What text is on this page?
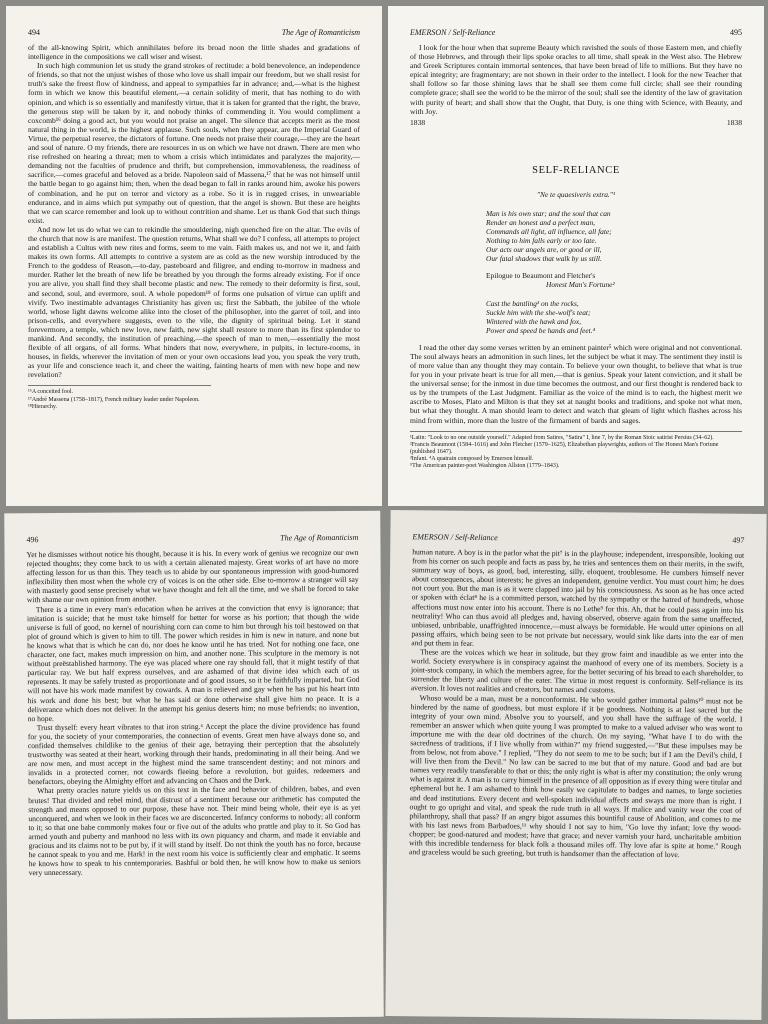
494	The Age of Romanticism

of the all-knowing Spirit, which annihilates before its broad noon the little shades and gradations of intelligence in the compositions we call wiser and wisest.

In such high communion let us study the grand strokes of rectitude: a bold benevolence, an independence of friends, so that not the unjust wishes of those who love us shall impair our freedom, but we shall resist for truth's sake the freest flow of kindness, and appeal to sympathies far in advance; and,—what is the highest form in which we know this beautiful element,—a certain solidity of merit, that has nothing to do with opinion, and which is so essentially and manifestly virtue, that it is taken for granted that the right, the brave, the generous step will be taken by it, and nobody thinks of commending it. You would compliment a coxcomb¹⁶ doing a good act, but you would not praise an angel. The silence that accepts merit as the most natural thing in the world, is the highest applause. Such souls, when they appear, are the Imperial Guard of Virtue, the perpetual reserve, the dictators of fortune. One needs not praise their courage,—they are the heart and soul of nature. O my friends, there are resources in us on which we have not drawn. There are men who rise refreshed on hearing a threat; men to whom a crisis which intimidates and paralyzes the majority,—demanding not the faculties of prudence and thrift, but comprehension, immovableness, the readiness of sacrifice,—comes graceful and beloved as a bride. Napoleon said of Massena,¹⁷ that he was not himself until the battle began to go against him; then, when the dead began to fall in ranks around him, awoke his powers of combination, and he put on terror and victory as a robe. So it is in rugged crises, in unweariable endurance, and in aims which put sympathy out of question, that the angel is shown. But these are heights that we can scarce remember and look up to without contrition and shame. Let us thank God that such things exist.

And now let us do what we can to rekindle the smouldering, nigh quenched fire on the altar. The evils of the church that now is are manifest. The question returns, What shall we do? I confess, all attempts to project and establish a Cultus with new rites and forms, seem to me vain. Faith makes us, and not we it, and faith makes its own forms. All attempts to contrive a system are as cold as the new worship introduced by the French to the goddess of Reason,—to-day, pasteboard and filigree, and ending to-morrow in madness and murder. Rather let the breath of new life be breathed by you through the forms already existing. For if once you are alive, you shall find they shall become plastic and new. The remedy to their deformity is first, soul, and second, soul, and evermore, soul. A whole popedom¹⁸ of forms one pulsation of virtue can uplift and vivify. Two inestimable advantages Christianity has given us; first the Sabbath, the jubilee of the whole world, whose light dawns welcome alike into the closet of the philosopher, into the garret of toil, and into prison-cells, and everywhere suggests, even to the vile, the dignity of spiritual being. Let it stand forevermore, a temple, which new love, new faith, new sight shall restore to more than its first splendor to mankind. And secondly, the institution of preaching,—the speech of man to men,—essentially the most flexible of all organs, of all forms. What hinders that now, everywhere, in pulpits, in lecture-rooms, in houses, in fields, wherever the invitation of men or your own occasions lead you, you speak the very truth, as your life and conscience teach it, and cheer the waiting, fainting hearts of men with new hope and new revelation?

¹⁶A conceited fool.
¹⁷André Massena (1758–1817), French military leader under Napoleon.
¹⁸Hierarchy.
EMERSON / Self-Reliance	495

I look for the hour when that supreme Beauty which ravished the souls of those Eastern men, and chiefly of those Hebrews, and through their lips spoke oracles to all time, shall speak in the West also. The Hebrew and Greek Scriptures contain immortal sentences, that have been bread of life to millions. But they have no epical integrity; are fragmentary; are not shown in their order to the intellect. I look for the new Teacher that shall follow so far those shining laws that he shall see them come full circle; shall see their rounding complete grace; shall see the world to be the mirror of the soul; shall see the identity of the law of gravitation with purity of heart; and shall show that the Ought, that Duty, is one thing with Science, with Beauty, and with Joy.

1838	1838
SELF-RELIANCE
"Ne te quaesiveris extra."¹
Man is his own star; and the soul that can
Render an honest and a perfect man,
Commands all light, all influence, all fate;
Nothing to him falls early or too late.
Our acts our angels are, or good or ill,
Our fatal shadows that walk by us still.
Epilogue to Beaumont and Fletcher's
Honest Man's Fortune²
Cast the bantling³ on the rocks,
Suckle him with the she-wolf's teat;
Wintered with the hawk and fox,
Power and speed be hands and feet.⁴

I read the other day some verses written by an eminent painter⁵ which were original and not conventional. The soul always hears an admonition in such lines, let the subject be what it may. The sentiment they instil is of more value than any thought they may contain. To believe your own thought, to believe that what is true for you in your private heart is true for all men,—that is genius. Speak your latent conviction, and it shall be the universal sense; for the inmost in due time becomes the outmost, and our first thought is rendered back to us by the trumpets of the Last Judgment. Familiar as the voice of the mind is to each, the highest merit we ascribe to Moses, Plato and Milton is that they set at naught books and traditions, and spoke not what men, but what they thought. A man should learn to detect and watch that gleam of light which flashes across his mind from within, more than the lustre of the firmament of bards and sages.

¹Latin: "Look to no one outside yourself." Adapted from Satires, "Satira" I, line 7, by the Roman Stoic satirist Persius (34–62).
²Francis Beaumont (1584–1616) and John Fletcher (1579–1625), Elizabethan playwrights, authors of The Honest Man's Fortune (published 1647).
³Infant. ⁴A quatrain composed by Emerson himself.
⁵The American painter-poet Washington Allston (1779–1843).
496	The Age of Romanticism

Yet he dismisses without notice his thought, because it is his. In every work of genius we recognize our own rejected thoughts; they come back to us with a certain alienated majesty. Great works of art have no more affecting lesson for us than this. They teach us to abide by our spontaneous impression with good-humored inflexibility then most when the whole cry of voices is on the other side. Else to-morrow a stranger will say with masterly good sense precisely what we have thought and felt all the time, and we shall be forced to take with shame our own opinion from another.

There is a time in every man's education when he arrives at the conviction that envy is ignorance; that imitation is suicide; that he must take himself for better for worse as his portion; that though the wide universe is full of good, no kernel of nourishing corn can come to him but through his toil bestowed on that plot of ground which is given to him to till. The power which resides in him is new in nature, and none but he knows what that is which he can do, nor does he know until he has tried. Not for nothing one face, one character, one fact, makes much impression on him, and another none. This sculpture in the memory is not without preëstablished harmony. The eye was placed where one ray should fall, that it might testify of that particular ray. We but half express ourselves, and are ashamed of that divine idea which each of us represents. It may be safely trusted as proportionate and of good issues, so it be faithfully imparted, but God will not have his work made manifest by cowards. A man is relieved and gay when he has put his heart into his work and done his best; but what he has said or done otherwise shall give him no peace. It is a deliverance which does not deliver. In the attempt his genius deserts him; no muse befriends; no invention, no hope.

Trust thyself: every heart vibrates to that iron string.⁶ Accept the place the divine providence has found for you, the society of your contemporaries, the connection of events. Great men have always done so, and confided themselves childlike to the genius of their age, betraying their perception that the absolutely trustworthy was seated at their heart, working through their hands, predominating in all their being. And we are now men, and must accept in the highest mind the same transcendent destiny; and not minors and invalids in a protected corner, not cowards fleeing before a revolution, but guides, redeemers and benefactors, obeying the Almighty effort and advancing on Chaos and the Dark.

What pretty oracles nature yields us on this text in the face and behavior of children, babes, and even brutes! That divided and rebel mind, that distrust of a sentiment because our arithmetic has computed the strength and means opposed to our purpose, these have not. Their mind being whole, their eye is as yet unconquered, and when we look in their faces we are disconcerted. Infancy conforms to nobody; all conform to it; so that one babe commonly makes four or five out of the adults who prattle and play to it. So God has armed youth and puberty and manhood no less with its own piquancy and charm, and made it enviable and gracious and its claims not to be put by, if it will stand by itself. Do not think the youth has no force, because he cannot speak to you and me. Hark! in the next room his voice is sufficiently clear and emphatic. It seems he knows how to speak to his contemporaries. Bashful or bold then, he will know how to make us seniors very unnecessary.

EMERSON / Self-Reliance	497

human nature. A boy is in the parlor what the pit⁷ is in the playhouse; independent, irresponsible, looking out from his corner on such people and facts as pass by, he tries and sentences them on their merits, in the swift, summary way of boys, as good, bad, interesting, silly, eloquent, troublesome. He cumbers himself never about consequences, about interests; he gives an independent, genuine verdict. You must court him; he does not court you. But the man is as it were clapped into jail by his consciousness. As soon as he has once acted or spoken with éclat⁸ he is a committed person, watched by the sympathy or the hatred of hundreds, whose affections must now enter into his account. There is no Lethe⁹ for this. Ah, that he could pass again into his neutrality! Who can thus avoid all pledges and, having observed, observe again from the same unaffected, unbiased, unbribable, unaffrighted innocence,—must always be formidable. He would utter opinions on all passing affairs, which being seen to be not private but necessary, would sink like darts into the ear of men and put them in fear.

These are the voices which we hear in solitude, but they grow faint and inaudible as we enter into the world. Society everywhere is in conspiracy against the manhood of every one of its members. Society is a joint-stock company, in which the members agree, for the better securing of his bread to each shareholder, to surrender the liberty and culture of the eater. The virtue in most request is conformity. Self-reliance is its aversion. It loves not realities and creators, but names and customs.

Whoso would be a man, must be a nonconformist. He who would gather immortal palms¹⁰ must not be hindered by the name of goodness, but must explore if it be goodness. Nothing is at last sacred but the integrity of your own mind. Absolve you to yourself, and you shall have the suffrage of the world. I remember an answer which when quite young I was prompted to make to a valued adviser who was wont to importune me with the dear old doctrines of the church. On my saying, "What have I to do with the sacredness of traditions, if I live wholly from within?" my friend suggested,—"But these impulses may be from below, not from above." I replied, "They do not seem to me to be such; but if I am the Devil's child, I will live then from the Devil." No law can be sacred to me but that of my nature. Good and bad are but names very readily transferable to that or this; the only right is what is after my constitution; the only wrong what is against it. A man is to carry himself in the presence of all opposition as if every thing were titular and ephemeral but he. I am ashamed to think how easily we capitulate to badges and names, to large societies and dead institutions. Every decent and well-spoken individual affects and sways me more than is right. I ought to go upright and vital, and speak the rude truth in all ways. If malice and vanity wear the coat of philanthropy, shall that pass? If an angry bigot assumes this bountiful cause of Abolition, and comes to me with his last news from Barbadoes,¹¹ why should I not say to him, "Go love thy infant; love thy wood-chopper; be good-natured and modest; have that grace; and never varnish your hard, uncharitable ambition with this incredible tenderness for black folk a thousand miles off. Thy love afar is spite at home." Rough and graceless would be such greeting, but truth is handsomer than the affectation of love.
